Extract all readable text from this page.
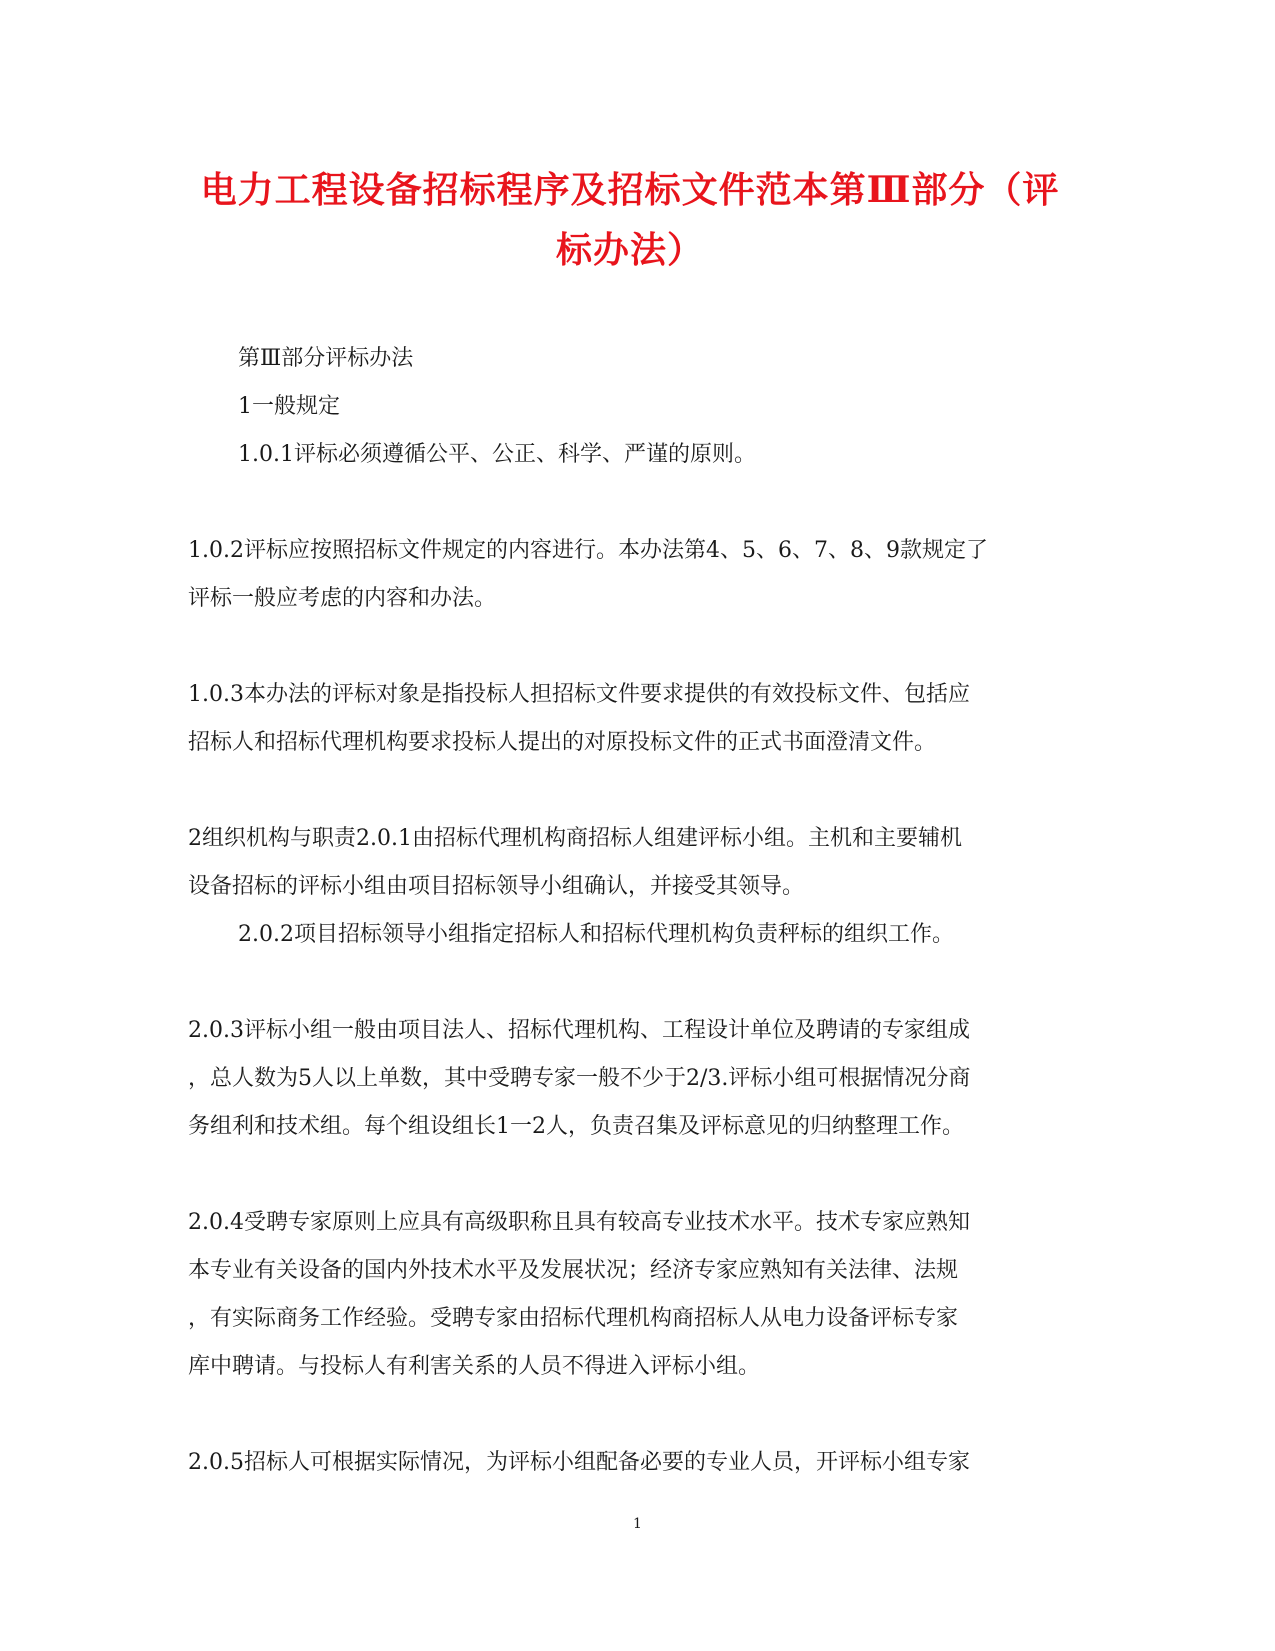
电力工程设备招标程序及招标文件范本第Ⅲ部分（评
标办法）
第Ⅲ部分评标办法
1一般规定
1.0.1评标必须遵循公平、公正、科学、严谨的原则。
1.0.2评标应按照招标文件规定的内容进行。本办法第4、5、6、7、8、9款规定了
评标一般应考虑的内容和办法。
1.0.3本办法的评标对象是指投标人担招标文件要求提供的有效投标文件、包括应
招标人和招标代理机构要求投标人提出的对原投标文件的正式书面澄清文件。
2组织机构与职责2.0.1由招标代理机构商招标人组建评标小组。主机和主要辅机
设备招标的评标小组由项目招标领导小组确认，并接受其领导。
2.0.2项目招标领导小组指定招标人和招标代理机构负责秤标的组织工作。
2.0.3评标小组一般由项目法人、招标代理机构、工程设计单位及聘请的专家组成
，总人数为5人以上单数，其中受聘专家一般不少于2/3.评标小组可根据情况分商
务组利和技术组。每个组设组长1一2人，负责召集及评标意见的归纳整理工作。
2.0.4受聘专家原则上应具有高级职称且具有较高专业技术水平。技术专家应熟知
本专业有关设备的国内外技术水平及发展状况；经济专家应熟知有关法律、法规
，有实际商务工作经验。受聘专家由招标代理机构商招标人从电力设备评标专家
库中聘请。与投标人有利害关系的人员不得进入评标小组。
2.0.5招标人可根据实际情况，为评标小组配备必要的专业人员，开评标小组专家
1
